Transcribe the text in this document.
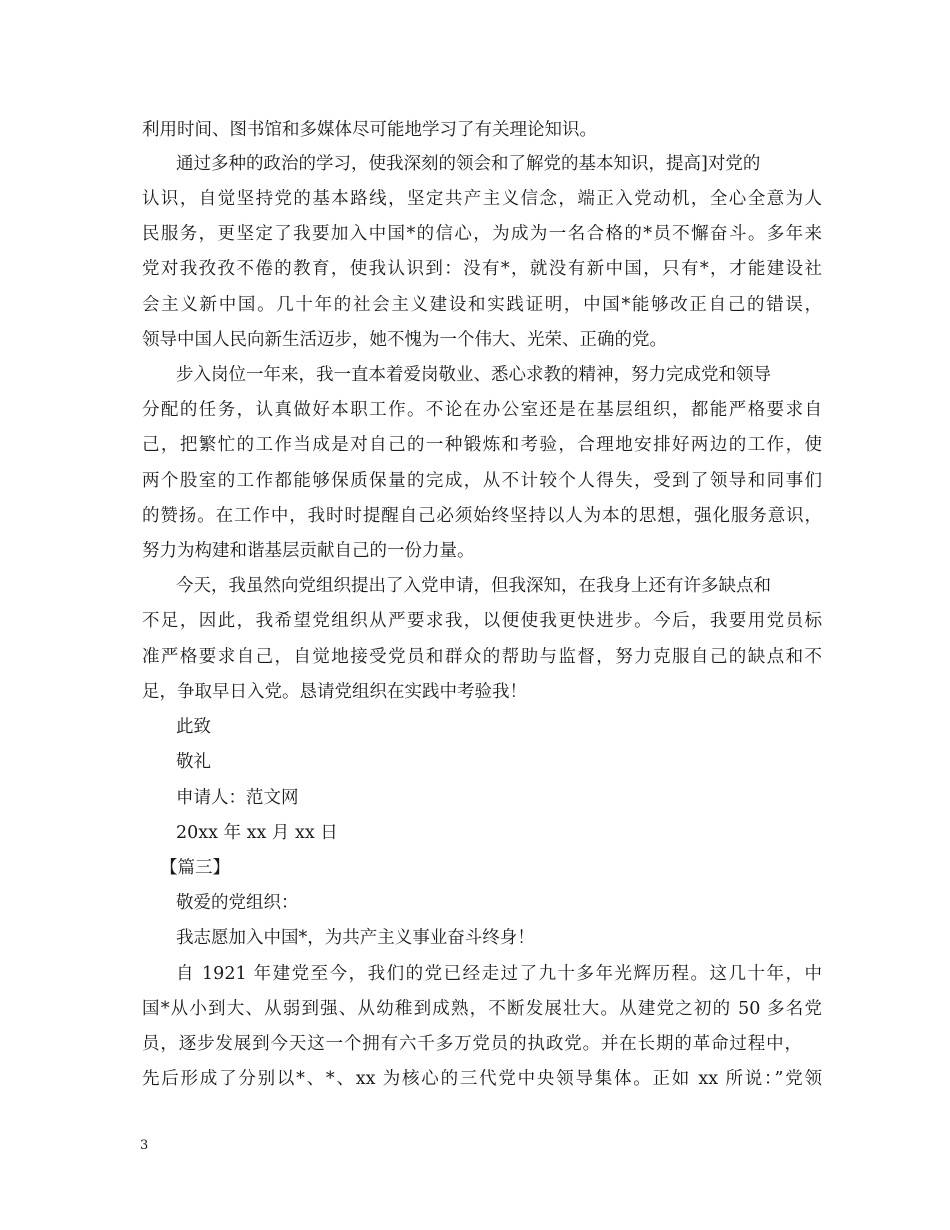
利用时间、图书馆和多媒体尽可能地学习了有关理论知识。
通过多种的政治的学习，使我深刻的领会和了解党的基本知识，提高]对党的
认识，自觉坚持党的基本路线，坚定共产主义信念，端正入党动机，全心全意为人
民服务，更坚定了我要加入中国*的信心，为成为一名合格的*员不懈奋斗。多年来
党对我孜孜不倦的教育，使我认识到：没有*，就没有新中国，只有*，才能建设社
会主义新中国。几十年的社会主义建设和实践证明，中国*能够改正自己的错误，
领导中国人民向新生活迈步，她不愧为一个伟大、光荣、正确的党。
步入岗位一年来，我一直本着爱岗敬业、悉心求教的精神，努力完成党和领导
分配的任务，认真做好本职工作。不论在办公室还是在基层组织，都能严格要求自
己，把繁忙的工作当成是对自己的一种锻炼和考验，合理地安排好两边的工作，使
两个股室的工作都能够保质保量的完成，从不计较个人得失，受到了领导和同事们
的赞扬。在工作中，我时时提醒自己必须始终坚持以人为本的思想，强化服务意识，
努力为构建和谐基层贡献自己的一份力量。
今天，我虽然向党组织提出了入党申请，但我深知，在我身上还有许多缺点和
不足，因此，我希望党组织从严要求我，以便使我更快进步。今后，我要用党员标
准严格要求自己，自觉地接受党员和群众的帮助与监督，努力克服自己的缺点和不
足，争取早日入党。恳请党组织在实践中考验我！
此致
敬礼
申请人：范文网
20xx 年 xx 月 xx 日
【篇三】
敬爱的党组织：
我志愿加入中国*，为共产主义事业奋斗终身！
自 1921 年建党至今，我们的党已经走过了九十多年光辉历程。这几十年，中
国*从小到大、从弱到强、从幼稚到成熟，不断发展壮大。从建党之初的 50 多名党
员，逐步发展到今天这一个拥有六千多万党员的执政党。并在长期的革命过程中，
先后形成了分别以*、*、xx 为核心的三代党中央领导集体。正如 xx 所说：”党领
3
